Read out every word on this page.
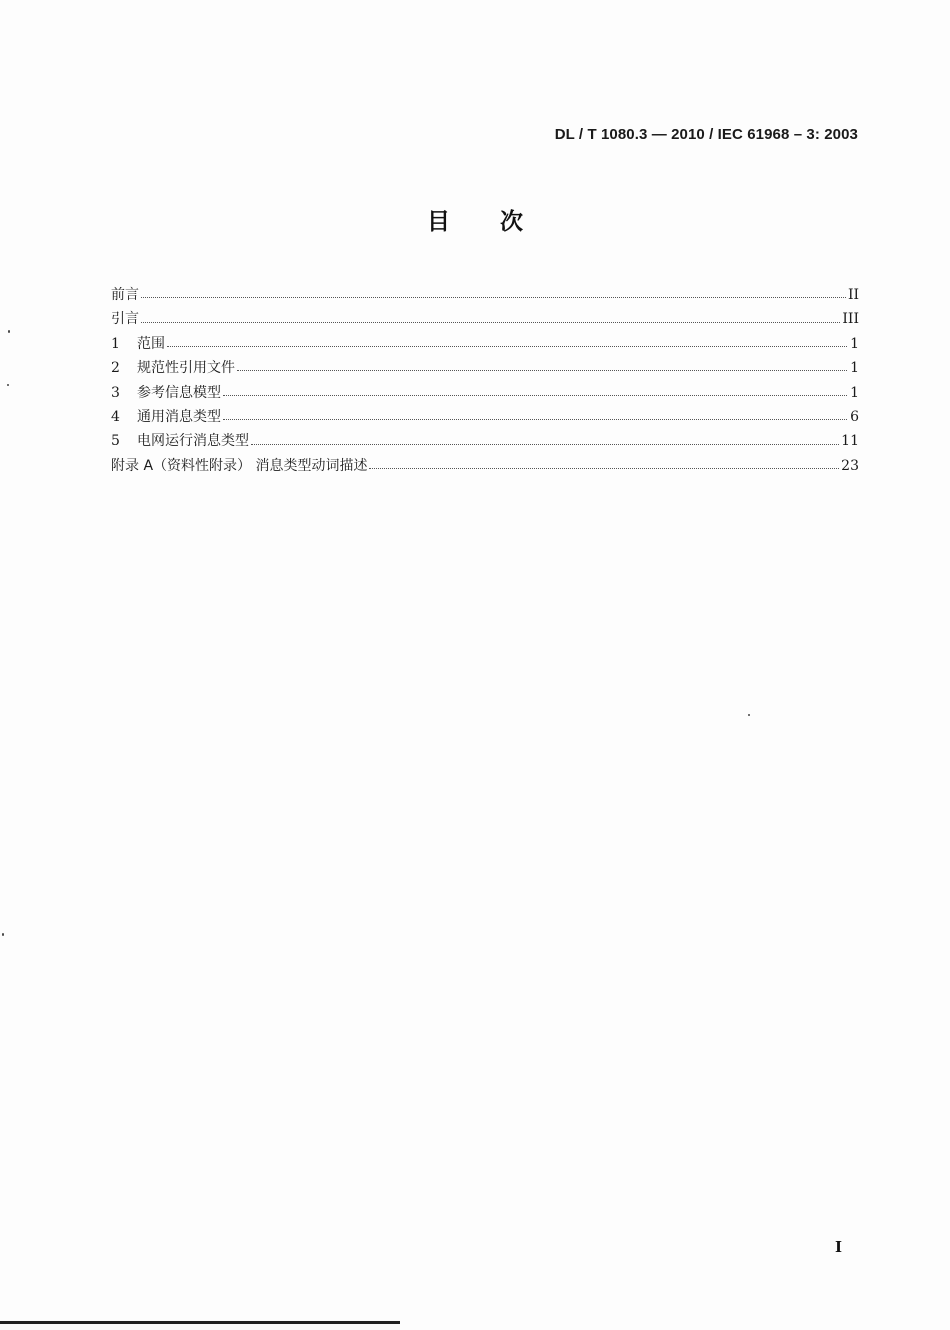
DL / T 1080.3 — 2010 / IEC 61968 – 3: 2003
目 次
前言	II
引言	III
1	范围	1
2	规范性引用文件	1
3	参考信息模型	1
4	通用消息类型	6
5	电网运行消息类型	11
附录 A（资料性附录） 消息类型动词描述	23
I
